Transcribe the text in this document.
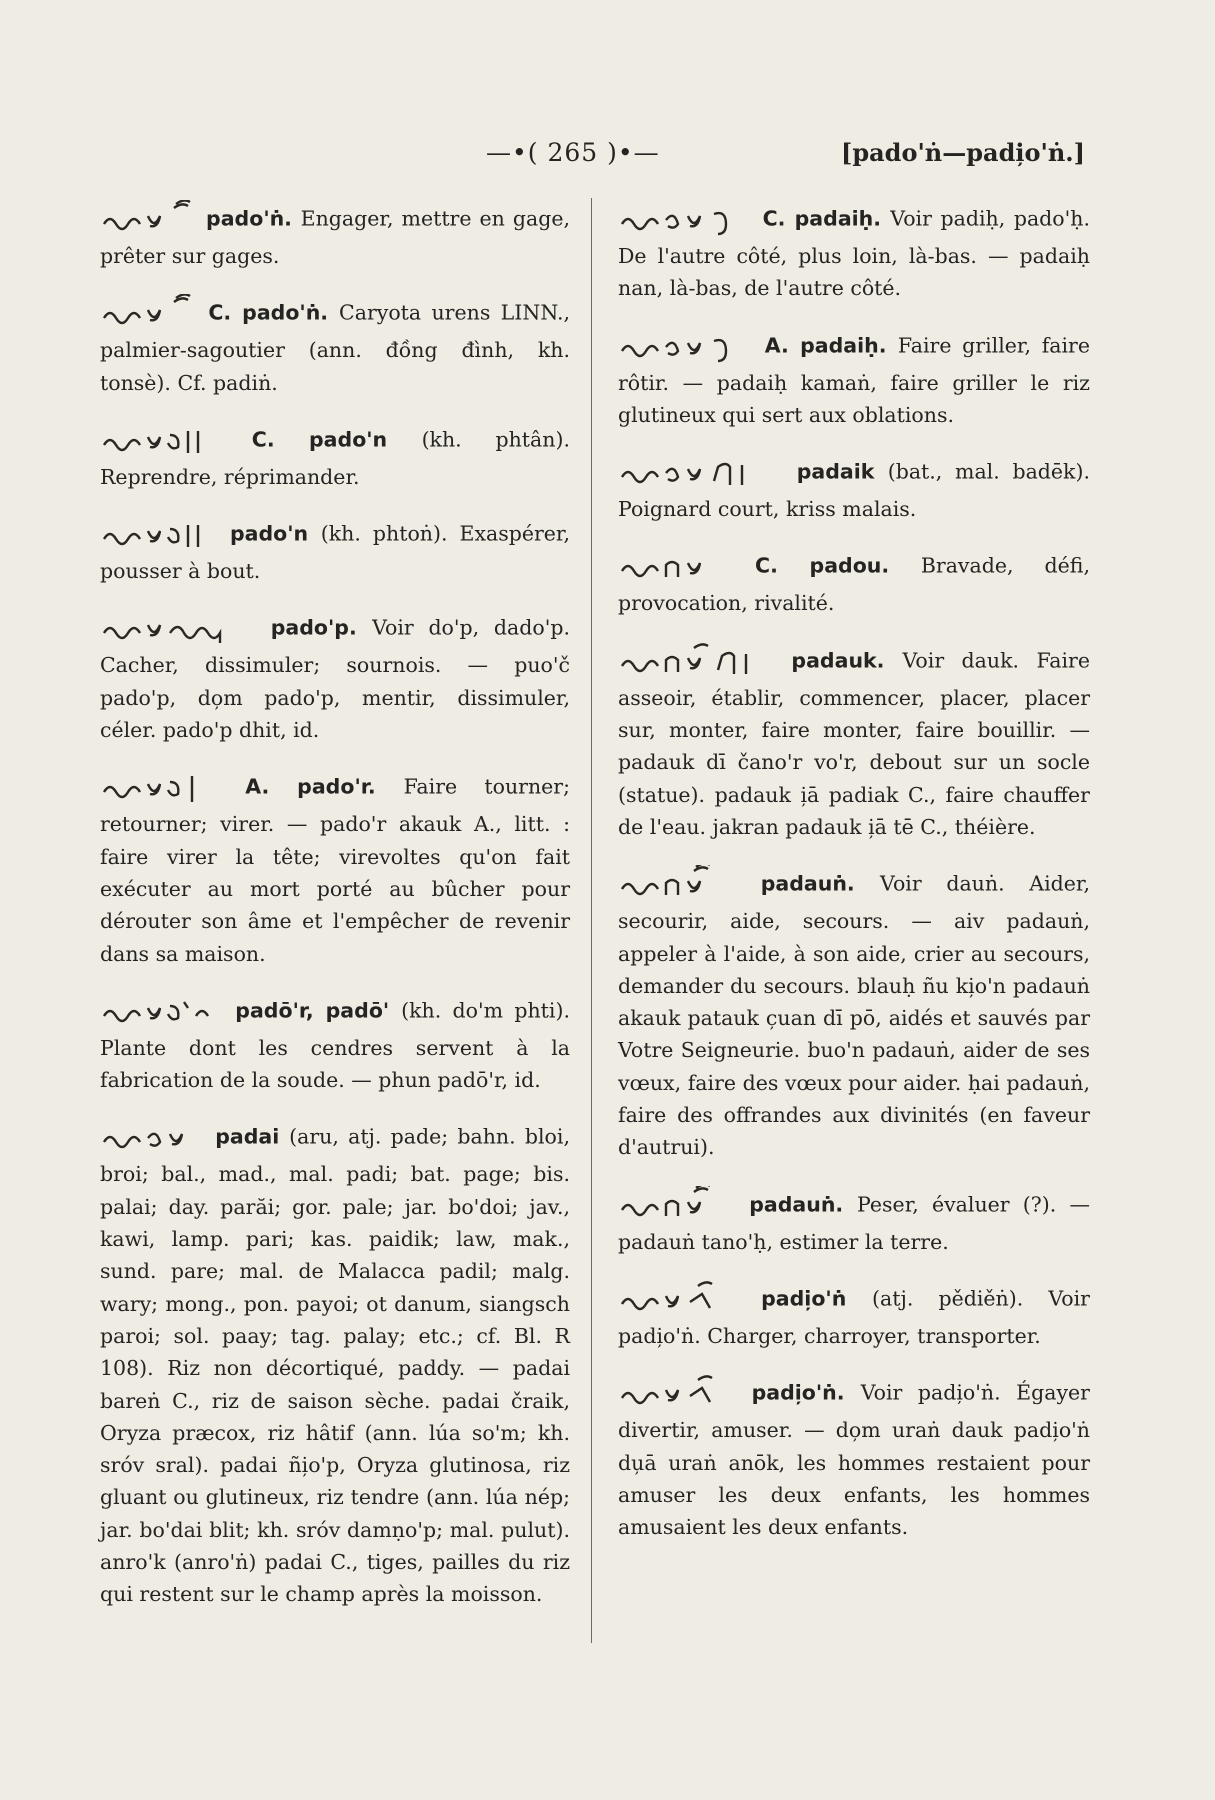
—•( 265 )•—	[pado'ṅ—padi̦o'ṅ.]
pado'ṅ. Engager, mettre en gage, prêter sur gages.
C. pado'ṅ. Caryota urens LINN., palmier-sagoutier (ann. đồng đình, kh. tonsè). Cf. padiṅ.
C. pado'n (kh. phtân). Reprendre, réprimander.
pado'n (kh. phtoṅ). Exaspérer, pousser à bout.
pado'p. Voir do'p, dado'p. Cacher, dissimuler; sournois. — puo'č pado'p, do̦m pado'p, mentir, dissimuler, céler. pado'p dhit, id.
A. pado'r. Faire tourner; retourner; virer. — pado'r akauk A., litt. : faire virer la tête; virevoltes qu'on fait exécuter au mort porté au bûcher pour dérouter son âme et l'empêcher de revenir dans sa maison.
padō'r, padō' (kh. do'm phti). Plante dont les cendres servent à la fabrication de la soude. — phun padō'r, id.
padai (aru, atj. pade; bahn. bloi, broi; bal., mad., mal. padi; bat. page; bis. palai; day. parăi; gor. pale; jar. bo'doi; jav., kawi, lamp. pari; kas. paidik; law, mak., sund. pare; mal. de Malacca padil; malg. wary; mong., pon. payoi; ot danum, siangsch paroi; sol. paay; tag. palay; etc.; cf. Bl. R 108). Riz non décortiqué, paddy. — padai bareṅ C., riz de saison sèche. padai čraik, Oryza præcox, riz hâtif (ann. lúa so'm; kh. sróv sral). padai ñi̦o'p, Oryza glutinosa, riz gluant ou glutineux, riz tendre (ann. lúa nép; jar. bo'dai blit; kh. sróv damṇo'p; mal. pulut). anro'k (anro'ṅ) padai C., tiges, pailles du riz qui restent sur le champ après la moisson.
C. padaiḥ. Voir padiḥ, pado'ḥ. De l'autre côté, plus loin, là-bas. — padaiḥ nan, là-bas, de l'autre côté.
A. padaiḥ. Faire griller, faire rôtir. — padaiḥ kamaṅ, faire griller le riz glutineux qui sert aux oblations.
padaik (bat., mal. badēk). Poignard court, kriss malais.
C. padou. Bravade, défi, provocation, rivalité.
padauk. Voir dauk. Faire asseoir, établir, commencer, placer, placer sur, monter, faire monter, faire bouillir. — padauk dī čano'r vo'r, debout sur un socle (statue). padauk i̦ā padiak C., faire chauffer de l'eau. jakran padauk i̦ā tē C., théière.
padauṅ. Voir dauṅ. Aider, secourir, aide, secours. — aiv padauṅ, appeler à l'aide, à son aide, crier au secours, demander du secours. blauḥ ñu ki̦o'n padauṅ akauk patauk c̦uan dī pō, aidés et sauvés par Votre Seigneurie. buo'n padauṅ, aider de ses vœux, faire des vœux pour aider. ḥai padauṅ, faire des offrandes aux divinités (en faveur d'autrui).
padauṅ. Peser, évaluer (?). — padauṅ tano'ḥ, estimer la terre.
padi̦o'ṅ (atj. pědiěṅ). Voir padi̦o'ṅ. Charger, charroyer, transporter.
padi̦o'ṅ. Voir padi̦o'ṅ. Égayer divertir, amuser. — do̦m uraṅ dauk padi̦o'ṅ du̦ā uraṅ anōk, les hommes restaient pour amuser les deux enfants, les hommes amusaient les deux enfants.
